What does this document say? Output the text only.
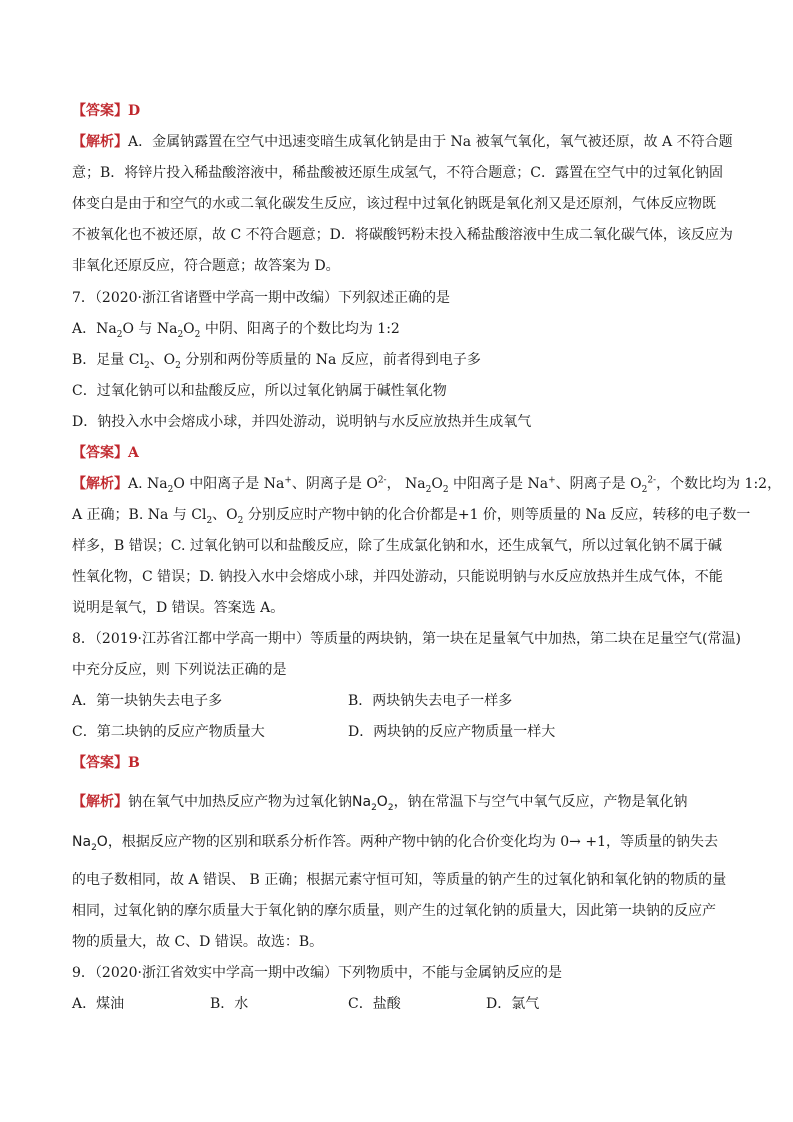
【答案】D
【解析】A．金属钠露置在空气中迅速变暗生成氧化钠是由于 Na 被氧气氧化，氧气被还原，故 A 不符合题
意；B．将锌片投入稀盐酸溶液中，稀盐酸被还原生成氢气，不符合题意；C．露置在空气中的过氧化钠固
体变白是由于和空气的水或二氧化碳发生反应，该过程中过氧化钠既是氧化剂又是还原剂，气体反应物既
不被氧化也不被还原，故 C 不符合题意；D．将碳酸钙粉末投入稀盐酸溶液中生成二氧化碳气体，该反应为
非氧化还原反应，符合题意；故答案为 D。
7．（2020·浙江省诸暨中学高一期中改编）下列叙述正确的是
A．$Na_2O$ 与 $Na_2O_2$ 中阴、阳离子的个数比均为 1:2
B．足量 $Cl_2$、$O_2$ 分别和两份等质量的 Na 反应，前者得到电子多
C．过氧化钠可以和盐酸反应，所以过氧化钠属于碱性氧化物
D．钠投入水中会熔成小球，并四处游动，说明钠与水反应放热并生成氧气
【答案】A
【解析】A. $Na_2O$ 中阳离子是 Na+、阴离子是 $O^{2-}$， $Na_2O_2$ 中阳离子是 Na+、阴离子是 $O_2^{2-}$，个数比均为 1:2，
A 正确；B. Na 与 $Cl_2$、$O_2$ 分别反应时产物中钠的化合价都是+1 价，则等质量的 Na 反应，转移的电子数一
样多，B 错误；C. 过氧化钠可以和盐酸反应，除了生成氯化钠和水，还生成氧气，所以过氧化钠不属于碱
性氧化物，C 错误；D. 钠投入水中会熔成小球，并四处游动，只能说明钠与水反应放热并生成气体，不能
说明是氧气，D 错误。答案选 A。
8．（2019·江苏省江都中学高一期中）等质量的两块钠，第一块在足量氧气中加热，第二块在足量空气(常温)
中充分反应，则 下列说法正确的是
A．第一块钠失去电子多	B．两块钠失去电子一样多
C．第二块钠的反应产物质量大	D．两块钠的反应产物质量一样大
【答案】B
【解析】钠在氧气中加热反应产物为过氧化钠$Na_2O_2$，钠在常温下与空气中氧气反应，产物是氧化钠
$Na_2O$，根据反应产物的区别和联系分析作答。两种产物中钠的化合价变化均为 0→ +1，等质量的钠失去
的电子数相同，故 A 错误、 B 正确；根据元素守恒可知，等质量的钠产生的过氧化钠和氧化钠的物质的量
相同，过氧化钠的摩尔质量大于氧化钠的摩尔质量，则产生的过氧化钠的质量大，因此第一块钠的反应产
物的质量大，故 C、D 错误。故选：B。
9．（2020·浙江省效实中学高一期中改编）下列物质中，不能与金属钠反应的是
A．煤油	B．水	C．盐酸	D．氯气
